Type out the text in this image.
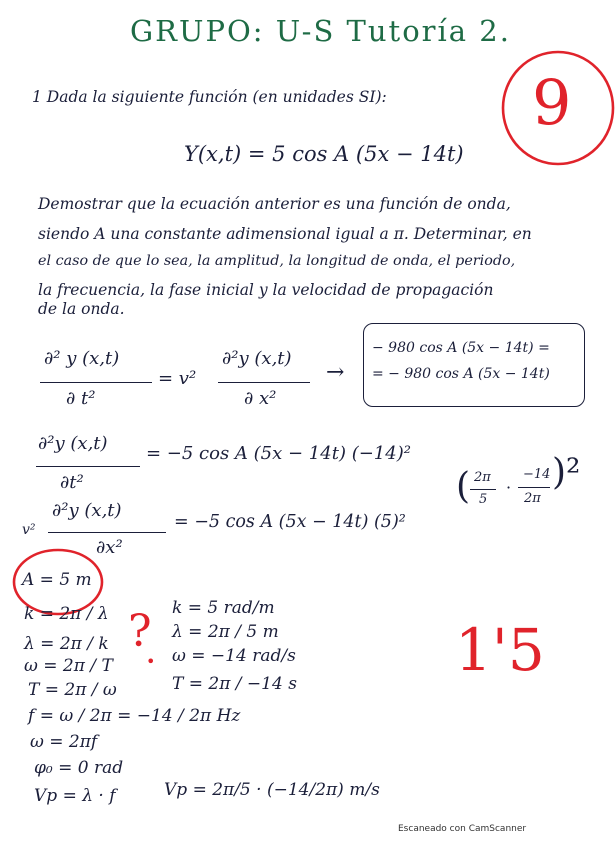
GRUPO: U-S Tutoría 2.
9
1 Dada la siguiente función (en unidades SI):
Y(x,t) = 5 cos A (5x − 14t)
Demostrar que la ecuación anterior es una función de onda,
siendo A una constante adimensional igual a π. Determinar, en
el caso de que lo sea, la amplitud, la longitud de onda, el periodo,
la frecuencia, la fase inicial y la velocidad de propagación
de la onda.
∂² y (x,t)
∂ t²
= v²
∂²y (x,t)
∂ x²
→
− 980 cos A (5x − 14t) =
= − 980 cos A (5x − 14t)
∂²y (x,t)
∂t²
= −5 cos A (5x − 14t) (−14)²
v²
∂²y (x,t)
∂x²
= −5 cos A (5x − 14t) (5)²
( 2π
5
·
−14
2π
)²
A = 5 m
k = 2π / λ
λ = 2π / k
ω = 2π / T
T = 2π / ω
f = ω / 2π = −14 / 2π Hz
ω = 2πf
φ₀ = 0 rad
Vp = λ · f
k = 5 rad/m
λ = 2π / 5 m
ω = −14 rad/s
T = 2π / −14 s
Vp = 2π/5 · (−14/2π) m/s
?
•	1'5
Escaneado con CamScanner
